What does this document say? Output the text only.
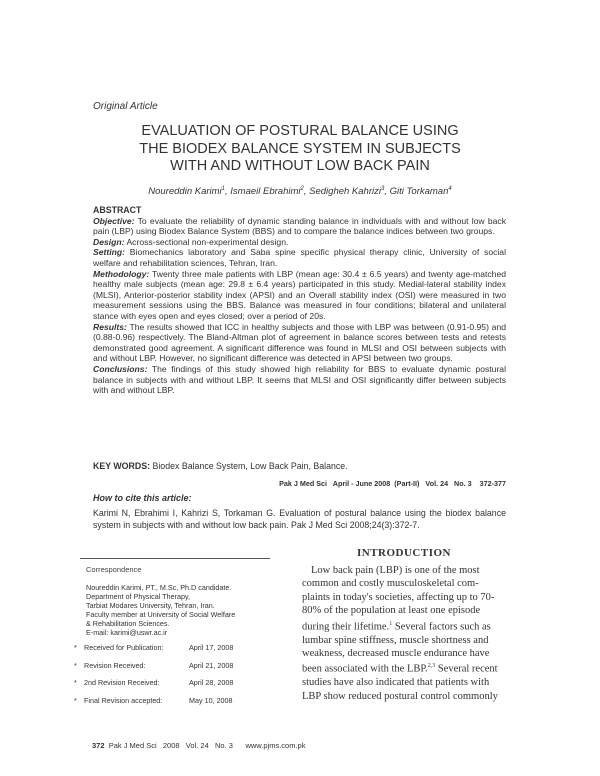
Original Article
EVALUATION OF POSTURAL BALANCE USING
THE BIODEX BALANCE SYSTEM IN SUBJECTS
WITH AND WITHOUT LOW BACK PAIN
Noureddin Karimi$^1$, Ismaeil Ebrahimi$^2$, Sedigheh Kahrizi$^3$, Giti Torkaman$^4$
ABSTRACT

Objective: To evaluate the reliability of dynamic standing balance in individuals with and without low back pain (LBP) using Biodex Balance System (BBS) and to compare the balance indices between two groups.

Design: Across-sectional non-experimental design.

Setting: Biomechanics laboratory and Saba spine specific physical therapy clinic, University of social welfare and rehabilitation sciences, Tehran, Iran.

Methodology: Twenty three male patients with LBP (mean age: 30.4 ± 6.5 years) and twenty age-matched healthy male subjects (mean age: 29.8 ± 6.4 years) participated in this study. Medial-lateral stability index (MLSI), Anterior-posterior stability index (APSI) and an Overall stability index (OSI) were measured in two measurement sessions using the BBS. Balance was measured in four conditions; bilateral and unilateral stance with eyes open and eyes closed; over a period of 20s.

Results: The results showed that ICC in healthy subjects and those with LBP was between (0.91-0.95) and (0.88-0.96) respectively. The Bland-Altman plot of agreement in balance scores between tests and retests demonstrated good agreement. A significant difference was found in MLSI and OSI between subjects with and without LBP. However, no significant difference was detected in APSI between two groups.

Conclusions: The findings of this study showed high reliability for BBS to evaluate dynamic postural balance in subjects with and without LBP. It seems that MLSI and OSI significantly differ between subjects with and without LBP.

KEY WORDS: Biodex Balance System, Low Back Pain, Balance.
Pak J Med Sci   April - June 2008  (Part-II)   Vol. 24   No. 3    372-377
How to cite this article:
Karimi N, Ebrahimi I, Kahrizi S, Torkaman G. Evaluation of postural balance using the biodex balance system in subjects with and without low back pain. Pak J Med Sci 2008;24(3):372-7.
Correspondence
Noureddin Karimi, PT., M.Sc, Ph.D candidate.
Department of Physical Therapy,
Tarbiat Modares University, Tehran, Iran.
Faculty member at University of Social Welfare
& Rehabilitation Sciences.
E-mail: karimi@uswr.ac.ir
* Received for Publication:	April 17, 2008
* Revision Received:	April 21, 2008
* 2nd Revision Received:	April 28, 2008
* Final Revision accepted:	May 10, 2008
INTRODUCTION
Low back pain (LBP) is one of the most
common and costly musculoskeletal com-
plaints in today's societies, affecting up to 70-
80% of the population at least one episode
during their lifetime.$^1$ Several factors such as
lumbar spine stiffness, muscle shortness and
weakness, decreased muscle endurance have
been associated with the LBP.$^{2,3}$ Several recent
studies have also indicated that patients with
LBP show reduced postural control commonly
372 Pak J Med Sci   2008   Vol. 24   No. 3 www.pjms.com.pk
